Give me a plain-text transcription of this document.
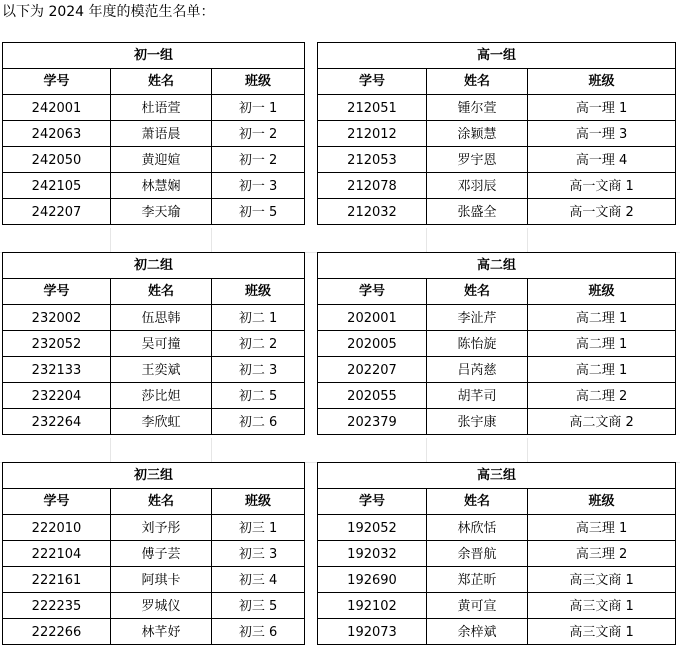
以下为 2024 年度的模范生名单：
初一组		
学号	姓名	班级
242001	杜语萱	初一 1
242063	萧语晨	初一 2
242050	黄迎媗	初一 2
242105	林慧娴	初一 3
242207	李天瑜	初一 5
高一组		
学号	姓名	班级
212051	锺尔萱	高一理 1
212012	涂颖慧	高一理 3
212053	罗宇恩	高一理 4
212078	邓羽辰	高一文商 1
212032	张盛全	高一文商 2
初二组		
学号	姓名	班级
232002	伍思韩	初二 1
232052	吴可撞	初二 2
232133	王奕斌	初二 3
232204	莎比妲	初二 5
232264	李欣虹	初二 6
高二组		
学号	姓名	班级
202001	李沚芹	高二理 1
202005	陈怡旋	高二理 1
202207	吕芮慈	高二理 1
202055	胡芊司	高二理 2
202379	张宇康	高二文商 2
初三组		
学号	姓名	班级
222010	刘予彤	初三 1
222104	傅子芸	初三 3
222161	阿琪卡	初三 4
222235	罗城仪	初三 5
222266	林芊妤	初三 6
高三组		
学号	姓名	班级
192052	林欣恬	高三理 1
192032	余晋航	高三理 2
192690	郑芷昕	高三文商 1
192102	黄可宣	高三文商 1
192073	余梓斌	高三文商 1
